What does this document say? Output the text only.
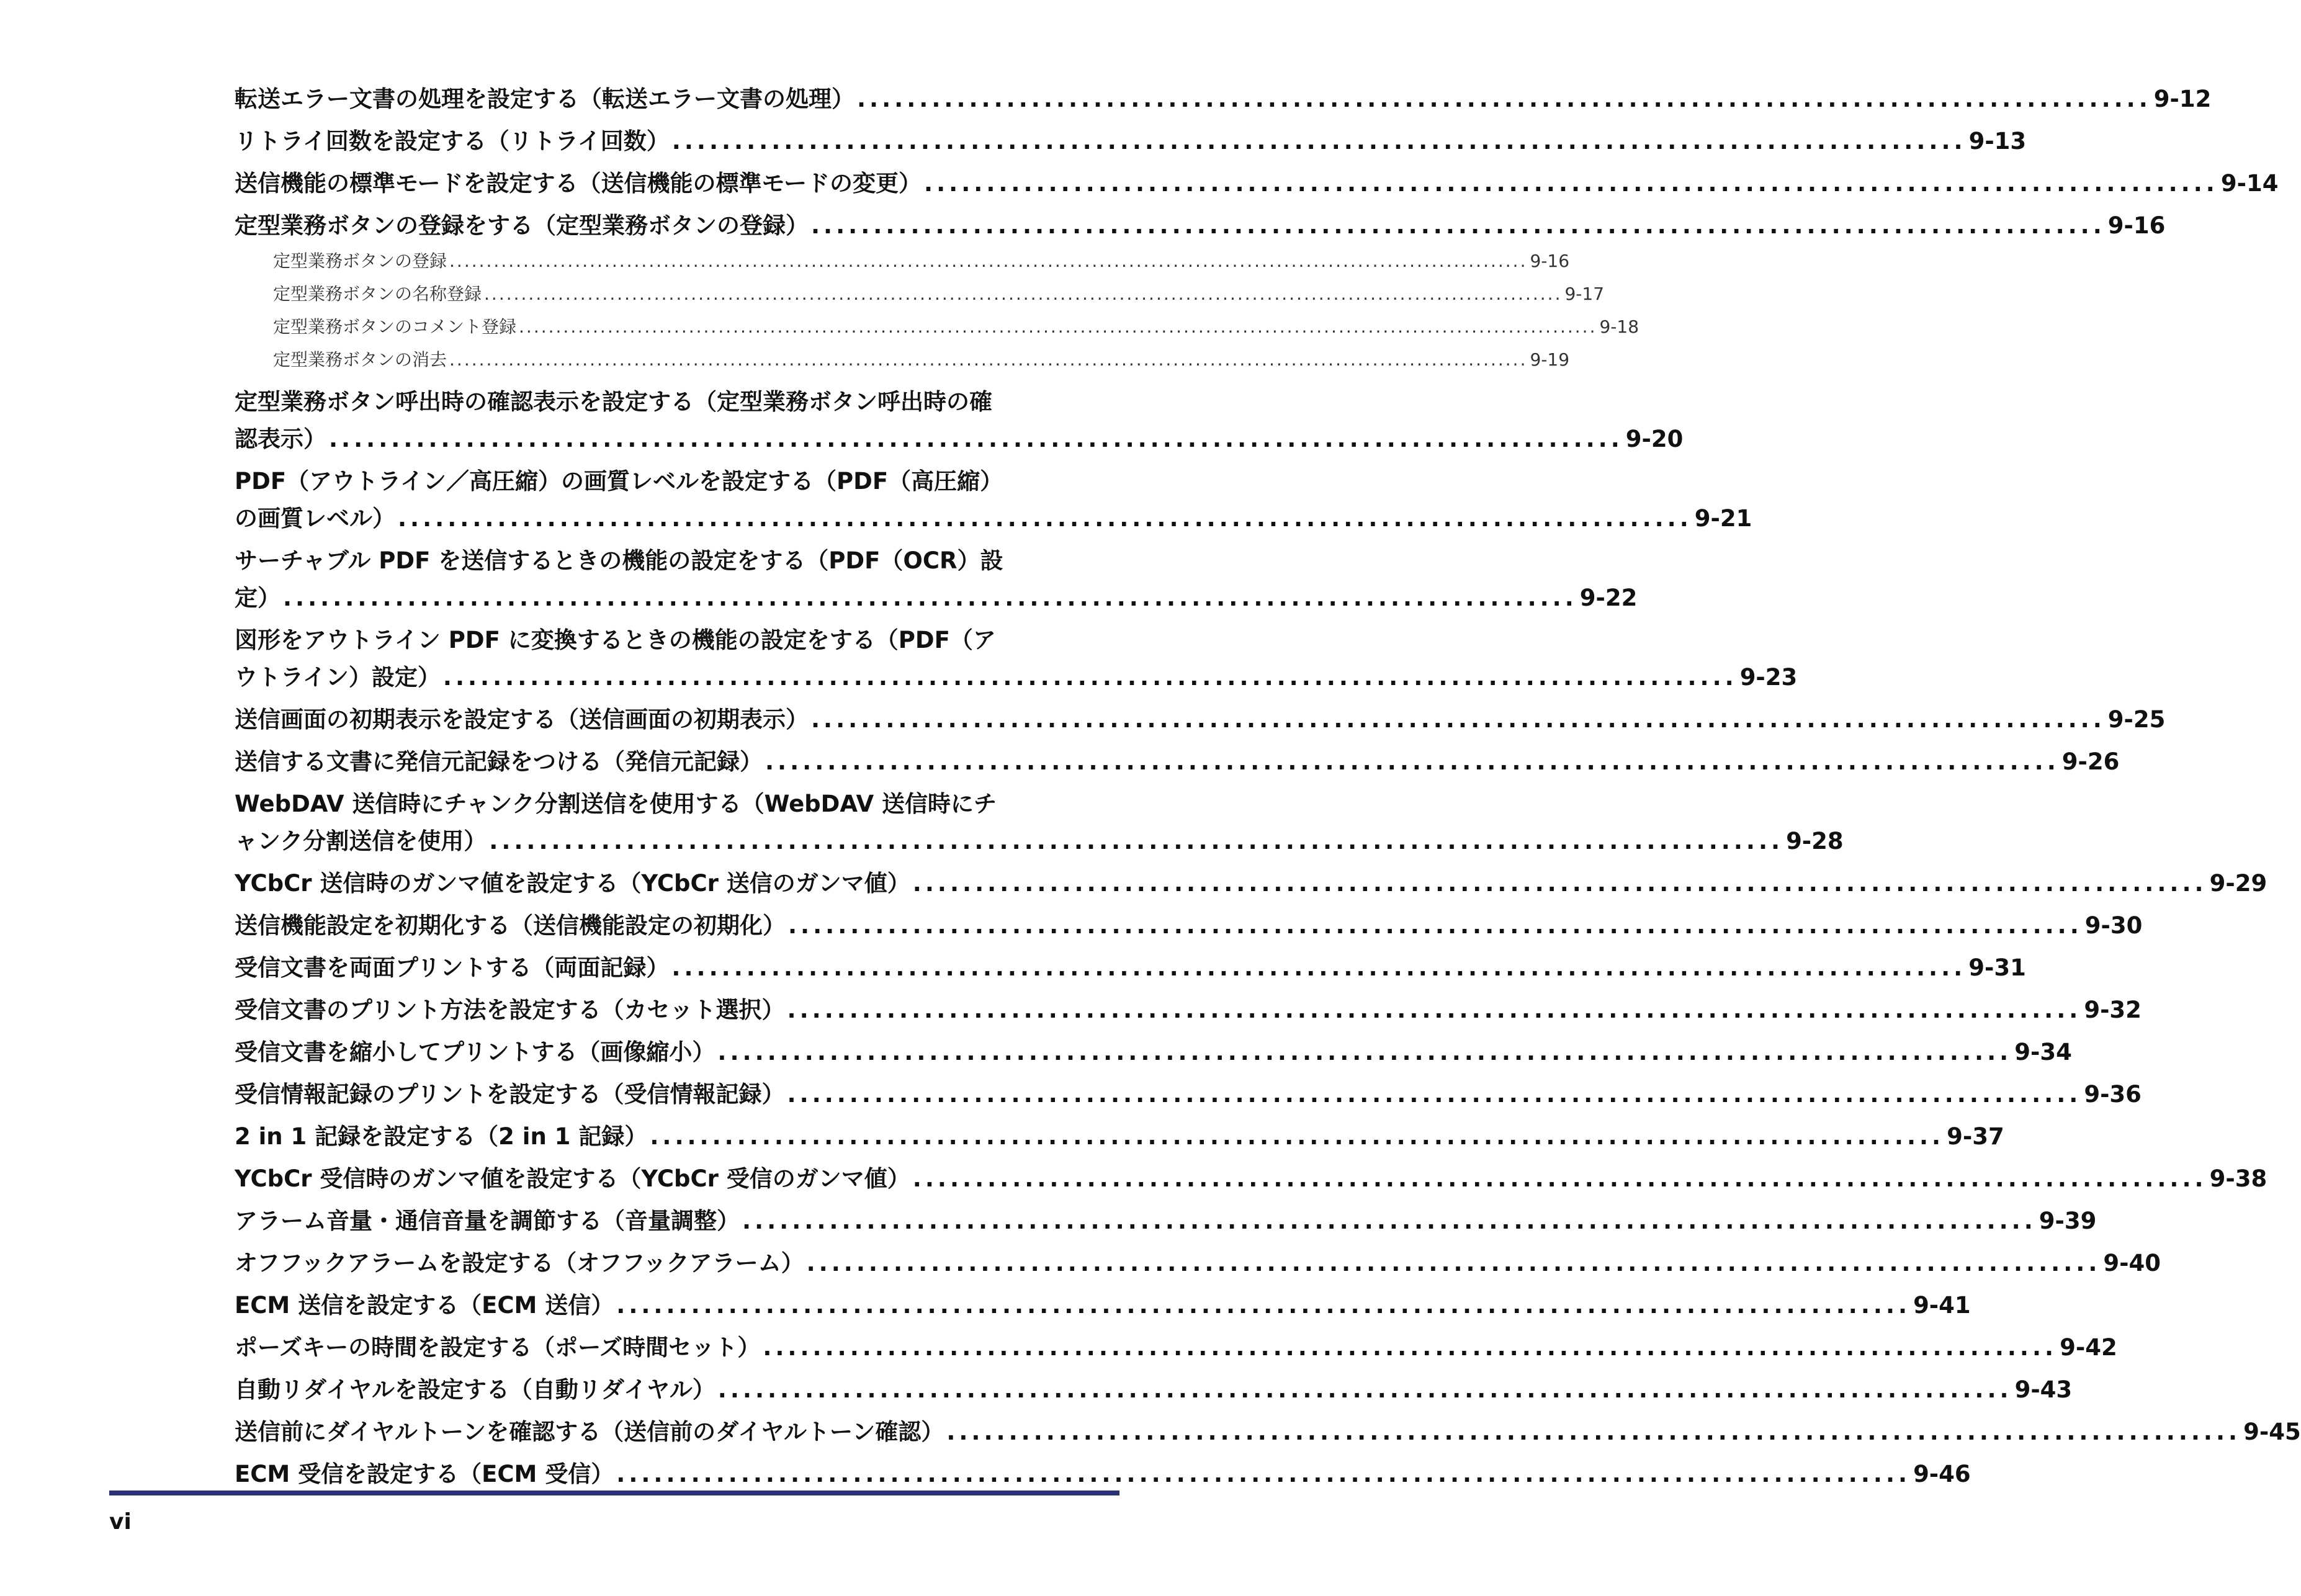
転送エラー文書の処理を設定する（転送エラー文書の処理） ........................................................................................................ 9-12
リトライ回数を設定する（リトライ回数） ........................................................................................................ 9-13
送信機能の標準モードを設定する（送信機能の標準モードの変更） ........................................................................................................ 9-14
定型業務ボタンの登録をする（定型業務ボタンの登録） ........................................................................................................ 9-16
定型業務ボタンの登録 .................................................................................................................................................. 9-16
定型業務ボタンの名称登録 .................................................................................................................................................. 9-17
定型業務ボタンのコメント登録 .................................................................................................................................................. 9-18
定型業務ボタンの消去 .................................................................................................................................................. 9-19
定型業務ボタン呼出時の確認表示を設定する（定型業務ボタン呼出時の確
認表示） ........................................................................................................ 9-20
PDF（アウトライン／高圧縮）の画質レベルを設定する（PDF（高圧縮）
の画質レベル） ........................................................................................................ 9-21
サーチャブル PDF を送信するときの機能の設定をする（PDF（OCR）設
定） ........................................................................................................ 9-22
図形をアウトライン PDF に変換するときの機能の設定をする（PDF（ア
ウトライン）設定） ........................................................................................................ 9-23
送信画面の初期表示を設定する（送信画面の初期表示） ........................................................................................................ 9-25
送信する文書に発信元記録をつける（発信元記録） ........................................................................................................ 9-26
WebDAV 送信時にチャンク分割送信を使用する（WebDAV 送信時にチ
ャンク分割送信を使用） ........................................................................................................ 9-28
YCbCr 送信時のガンマ値を設定する（YCbCr 送信のガンマ値） ........................................................................................................ 9-29
送信機能設定を初期化する（送信機能設定の初期化） ........................................................................................................ 9-30
受信文書を両面プリントする（両面記録） ........................................................................................................ 9-31
受信文書のプリント方法を設定する（カセット選択） ........................................................................................................ 9-32
受信文書を縮小してプリントする（画像縮小） ........................................................................................................ 9-34
受信情報記録のプリントを設定する（受信情報記録） ........................................................................................................ 9-36
2 in 1 記録を設定する（2 in 1 記録） ........................................................................................................ 9-37
YCbCr 受信時のガンマ値を設定する（YCbCr 受信のガンマ値） ........................................................................................................ 9-38
アラーム音量・通信音量を調節する（音量調整） ........................................................................................................ 9-39
オフフックアラームを設定する（オフフックアラーム） ........................................................................................................ 9-40
ECM 送信を設定する（ECM 送信） ........................................................................................................ 9-41
ポーズキーの時間を設定する（ポーズ時間セット） ........................................................................................................ 9-42
自動リダイヤルを設定する（自動リダイヤル） ........................................................................................................ 9-43
送信前にダイヤルトーンを確認する（送信前のダイヤルトーン確認） ........................................................................................................ 9-45
ECM 受信を設定する（ECM 受信） ........................................................................................................ 9-46
vi
